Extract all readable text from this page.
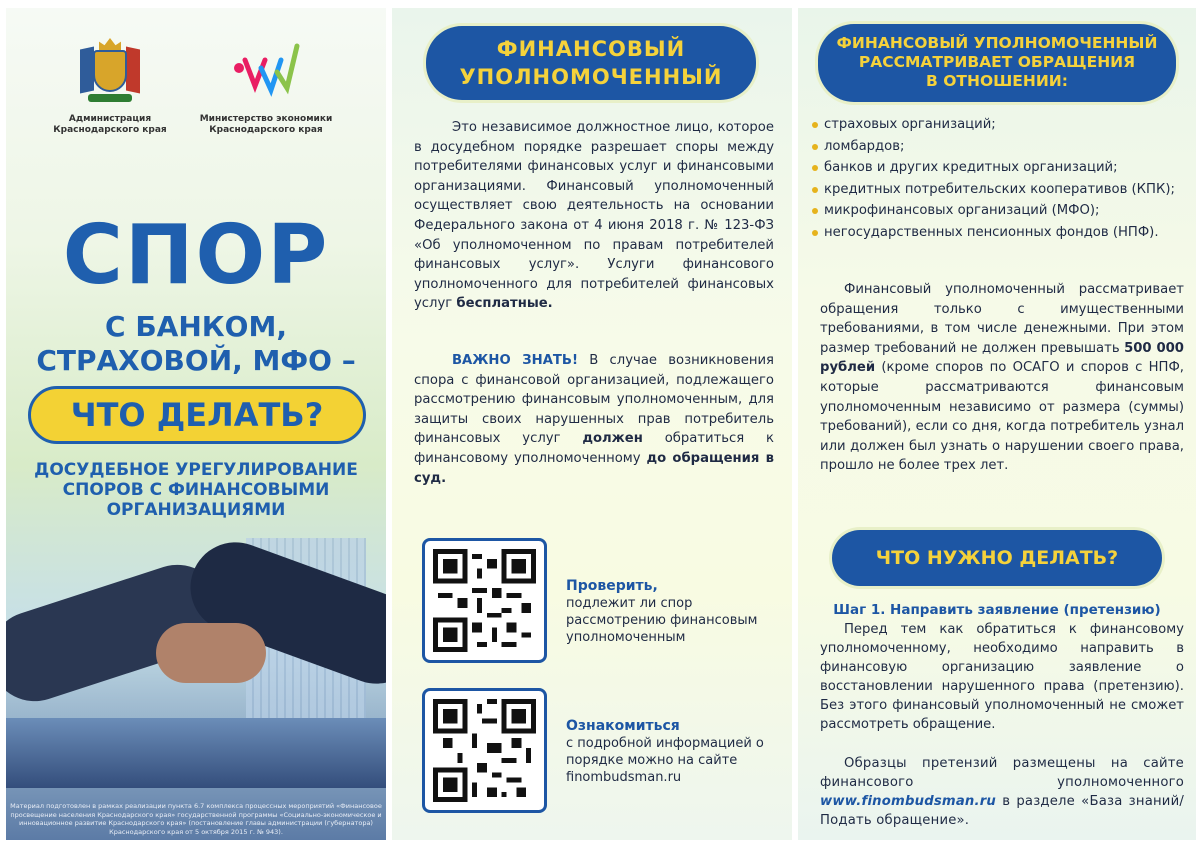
Администрация
Краснодарского края
Министерство экономики
Краснодарского края
СПОР
С БАНКОМ,
СТРАХОВОЙ, МФО –
ЧТО ДЕЛАТЬ?
ДОСУДЕБНОЕ УРЕГУЛИРОВАНИЕ
СПОРОВ С ФИНАНСОВЫМИ
ОРГАНИЗАЦИЯМИ
Материал подготовлен в рамках реализации пункта 6.7 комплекса процессных мероприятий «Финансовое просвещение населения Краснодарского края» государственной программы «Социально-экономическое и инновационное развитие Краснодарского края» (постановление главы администрации (губернатора) Краснодарского края от 5 октября 2015 г. № 943).
ФИНАНСОВЫЙ
УПОЛНОМОЧЕННЫЙ
Это независимое должностное лицо, которое в досудебном порядке разрешает споры между потребителями финансовых услуг и финансовыми организациями. Финансовый уполномоченный осуществляет свою деятельность на основании Федерального закона от 4 июня 2018 г. № 123-ФЗ «Об уполномоченном по правам потребителей финансовых услуг». Услуги финансового уполномоченного для потребителей финансовых услуг бесплатные.
ВАЖНО ЗНАТЬ! В случае возникновения спора с финансовой организацией, подлежащего рассмотрению финансовым уполномоченным, для защиты своих нарушенных прав потребитель финансовых услуг должен обратиться к финансовому уполномоченному до обращения в суд.
Проверить,
подлежит ли спор рассмотрению финансовым уполномоченным
Ознакомиться
с подробной информацией о порядке можно на сайте finombudsman.ru
ФИНАНСОВЫЙ УПОЛНОМОЧЕННЫЙ
РАССМАТРИВАЕТ ОБРАЩЕНИЯ
В ОТНОШЕНИИ:
страховых организаций;
ломбардов;
банков и других кредитных организаций;
кредитных потребительских кооперативов (КПК);
микрофинансовых организаций (МФО);
негосударственных пенсионных фондов (НПФ).
Финансовый уполномоченный рассматривает обращения только с имущественными требованиями, в том числе денежными. При этом размер требований не должен превышать 500 000 рублей (кроме споров по ОСАГО и споров с НПФ, которые рассматриваются финансовым уполномоченным независимо от размера (суммы) требований), если со дня, когда потребитель узнал или должен был узнать о нарушении своего права, прошло не более трех лет.
ЧТО НУЖНО ДЕЛАТЬ?
Шаг 1. Направить заявление (претензию)
Перед тем как обратиться к финансовому уполномоченному, необходимо направить в финансовую организацию заявление о восстановлении нарушенного права (претензию). Без этого финансовый уполномоченный не сможет рассмотреть обращение.
Образцы претензий размещены на сайте финансового уполномоченного www.finombudsman.ru в разделе «База знаний/Подать обращение».
